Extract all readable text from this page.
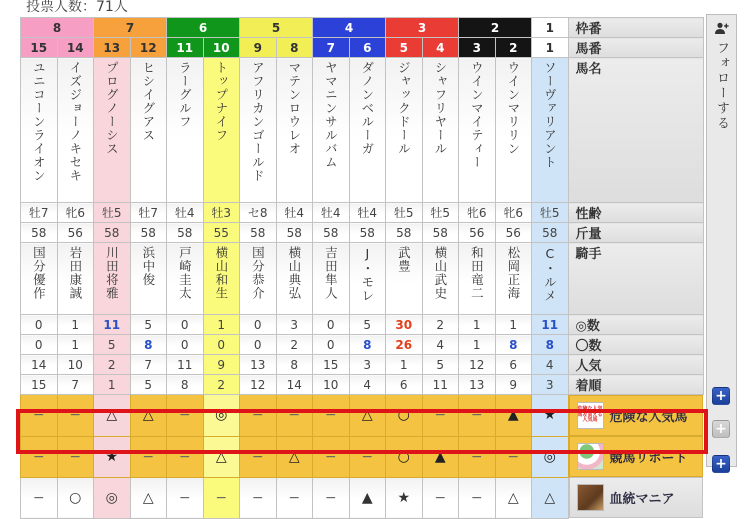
投票人数：71人
8		7		6		5		4		3		2		1	枠番
15	14	13	12	11	10	9	8	7	6	5	4	3	2	1	馬番
ユニコーンライオン	イズジョーノキセキ	プログノーシス	ヒシイグアス	ラーグルフ	トップナイフ	アフリカンゴールド	マテンロウレオ	ヤマニンサルバム	ダノンベルーガ	ジャックドール	シャフリヤール	ウインマイティー	ウインマリリン	ソーヴァリアント	馬名
牡7	牝6	牡5	牡7	牡4	牡3	セ8	牡4	牡4	牡4	牡5	牡5	牝6	牝6	牡5	性齢
58	56	58	58	58	55	58	58	58	58	58	58	56	56	58	斤量
国分優作	岩田康誠	川田将雅	浜中俊	戸崎圭太	横山和生	国分恭介	横山典弘	吉田隼人	J・モレ	武豊	横山武史	和田竜二	松岡正海	C・ルメ	騎手
0	1	11	5	0	1	0	3	0	5	30	2	1	1	11	◎数
0	1	5	8	0	0	0	2	0	8	26	4	1	8	8	〇数
14	10	2	7	11	9	13	8	15	3	1	5	12	6	4	人気
15	7	1	5	8	2	12	14	10	4	6	11	13	9	3	着順
−	−	△	△	−	◎	−	−	−	△	○	−	−	▲	★		危険な人気馬＆買える人気馬 危険な人気馬

−	−	★	−	−	△	−	△	−	−	○	▲	−	−	◎		競馬リポート

−	○	◎	△	−	−	−	−	−	▲	★	−	−	△	△		血統マニア
フォローする
+
+
+
